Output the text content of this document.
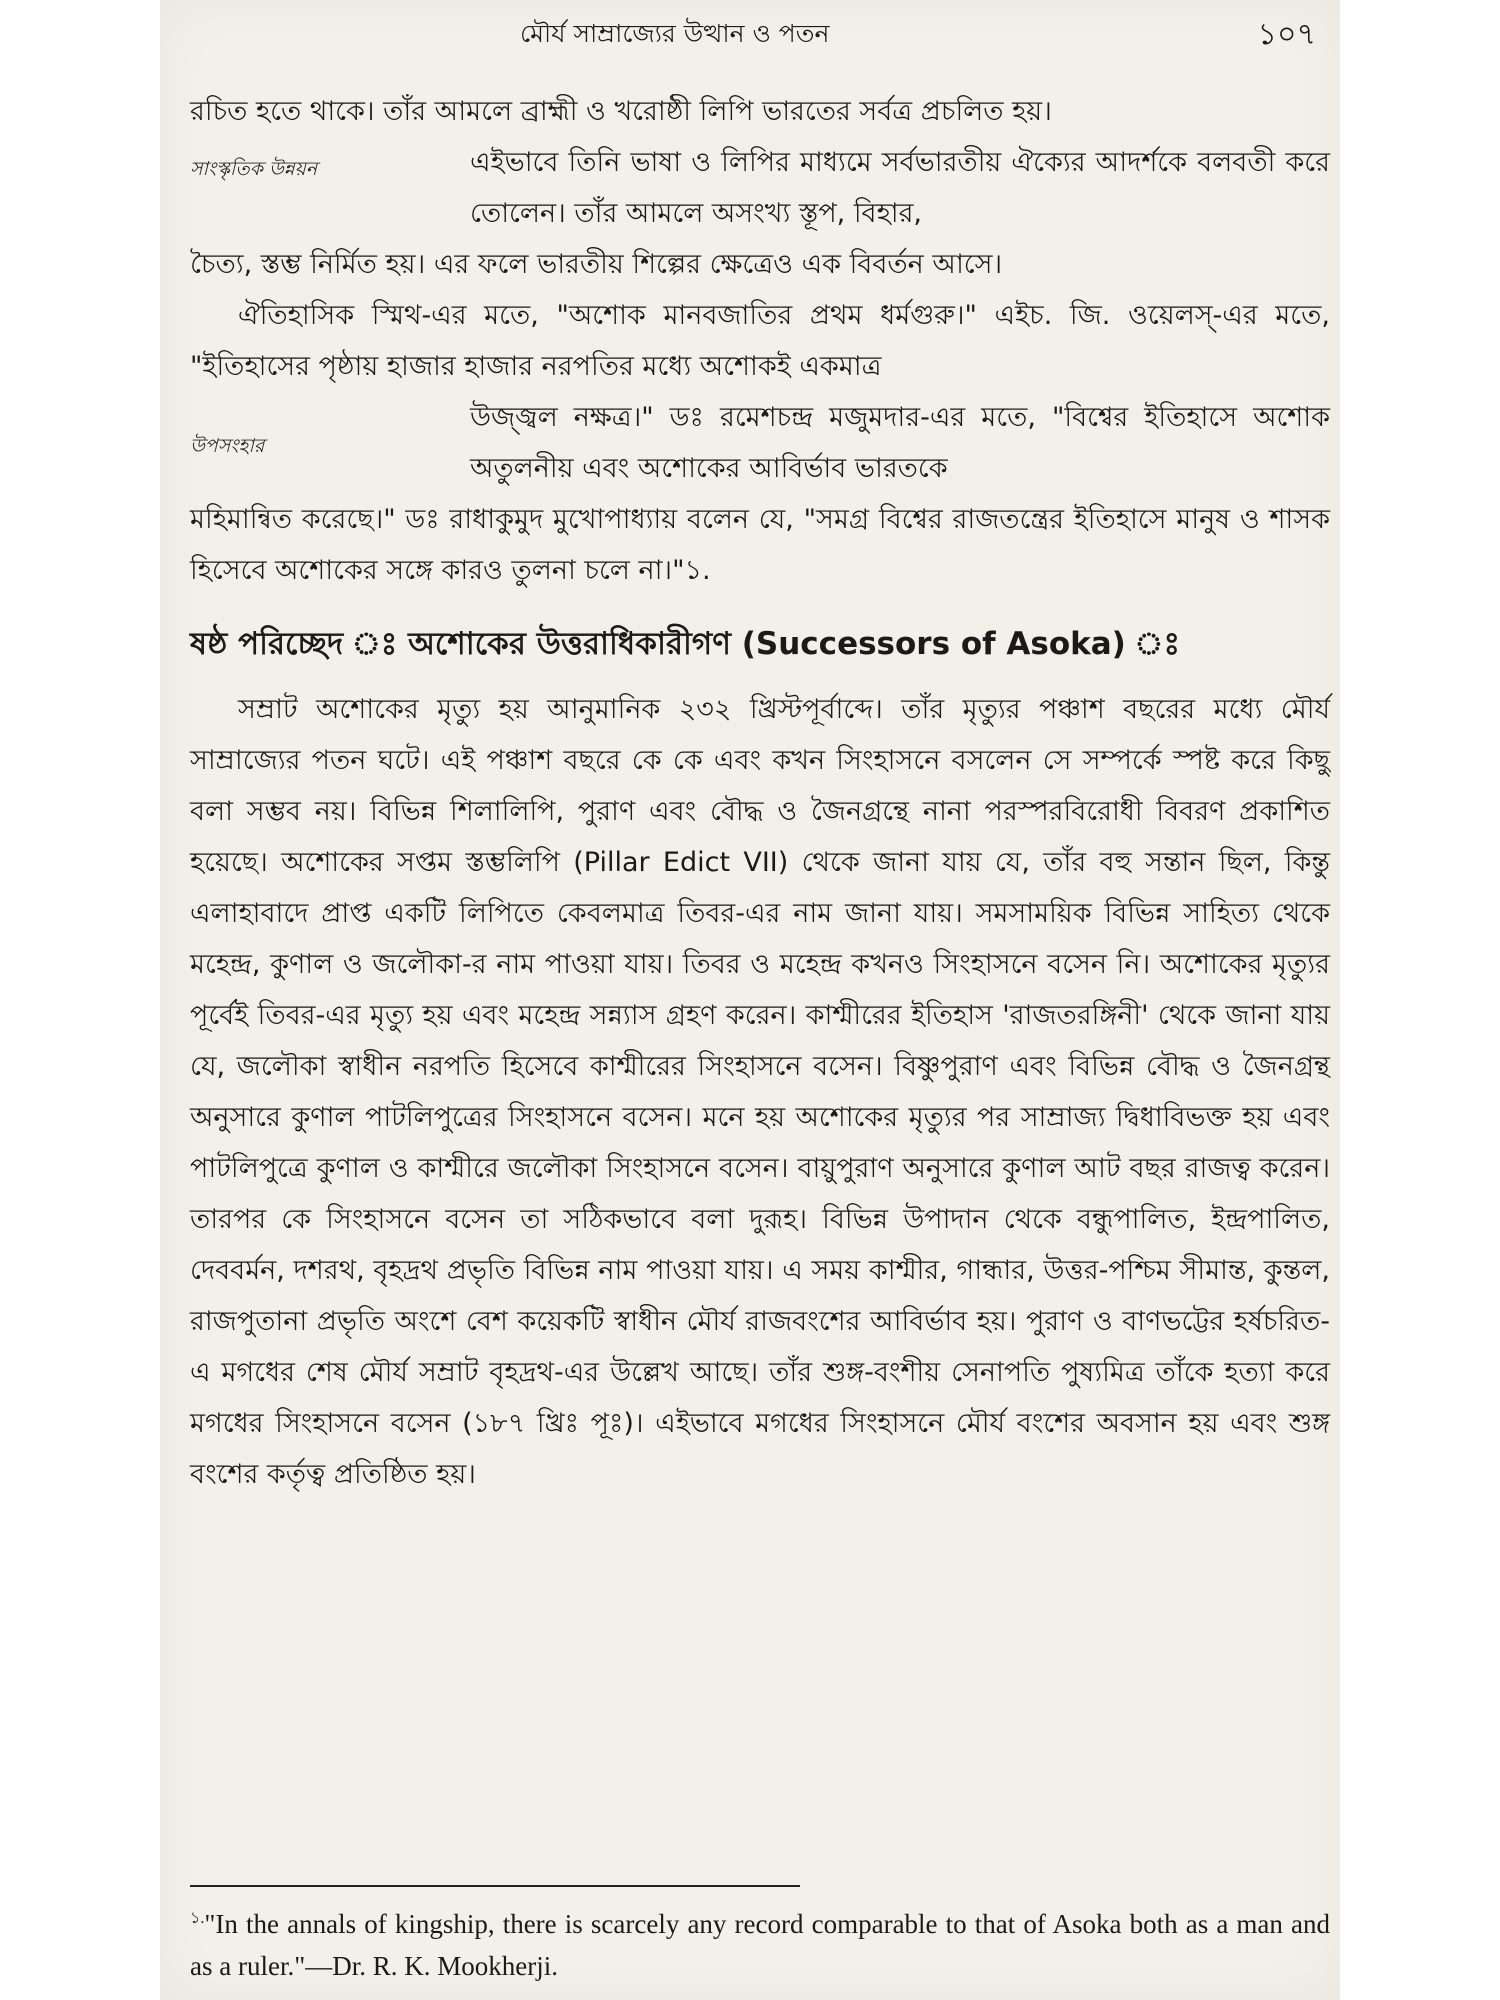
মৌর্য সাম্রাজ্যের উত্থান ও পতন	১০৭

রচিত হতে থাকে। তাঁর আমলে ব্রাহ্মী ও খরোষ্ঠী লিপি ভারতের সর্বত্র প্রচলিত হয়।

সাংস্কৃতিক উন্নয়ন	এইভাবে তিনি ভাষা ও লিপির মাধ্যমে সর্বভারতীয় ঐক্যের আদর্শকে বলবতী করে তোলেন। তাঁর আমলে অসংখ্য স্তূপ, বিহার,

চৈত্য, স্তম্ভ নির্মিত হয়। এর ফলে ভারতীয় শিল্পের ক্ষেত্রেও এক বিবর্তন আসে।

ঐতিহাসিক স্মিথ-এর মতে, "অশোক মানবজাতির প্রথম ধর্মগুরু।" এইচ. জি. ওয়েলস্-এর মতে, "ইতিহাসের পৃষ্ঠায় হাজার হাজার নরপতির মধ্যে অশোকই একমাত্র

উপসংহার

উজ্জ্বল নক্ষত্র।" ডঃ রমেশচন্দ্র মজুমদার-এর মতে, "বিশ্বের ইতিহাসে অশোক অতুলনীয় এবং অশোকের আবির্ভাব ভারতকে

মহিমান্বিত করেছে।" ডঃ রাধাকুমুদ মুখোপাধ্যায় বলেন যে, "সমগ্র বিশ্বের রাজতন্ত্রের ইতিহাসে মানুষ ও শাসক হিসেবে অশোকের সঙ্গে কারও তুলনা চলে না।"১.

ষষ্ঠ পরিচ্ছেদ ঃ অশোকের উত্তরাধিকারীগণ (Successors of Asoka) ঃ

সম্রাট অশোকের মৃত্যু হয় আনুমানিক ২৩২ খ্রিস্টপূর্বাব্দে। তাঁর মৃত্যুর পঞ্চাশ বছরের মধ্যে মৌর্য সাম্রাজ্যের পতন ঘটে। এই পঞ্চাশ বছরে কে কে এবং কখন সিংহাসনে বসলেন সে সম্পর্কে স্পষ্ট করে কিছু বলা সম্ভব নয়। বিভিন্ন শিলালিপি, পুরাণ এবং বৌদ্ধ ও জৈনগ্রন্থে নানা পরস্পরবিরোধী বিবরণ প্রকাশিত হয়েছে। অশোকের সপ্তম স্তম্ভলিপি (Pillar Edict VII) থেকে জানা যায় যে, তাঁর বহু সন্তান ছিল, কিন্তু এলাহাবাদে প্রাপ্ত একটি লিপিতে কেবলমাত্র তিবর-এর নাম জানা যায়। সমসাময়িক বিভিন্ন সাহিত্য থেকে মহেন্দ্র, কুণাল ও জলৌকা-র নাম পাওয়া যায়। তিবর ও মহেন্দ্র কখনও সিংহাসনে বসেন নি। অশোকের মৃত্যুর পূর্বেই তিবর-এর মৃত্যু হয় এবং মহেন্দ্র সন্ন্যাস গ্রহণ করেন। কাশ্মীরের ইতিহাস 'রাজতরঙ্গিনী' থেকে জানা যায় যে, জলৌকা স্বাধীন নরপতি হিসেবে কাশ্মীরের সিংহাসনে বসেন। বিষ্ণুপুরাণ এবং বিভিন্ন বৌদ্ধ ও জৈনগ্রন্থ অনুসারে কুণাল পাটলিপুত্রের সিংহাসনে বসেন। মনে হয় অশোকের মৃত্যুর পর সাম্রাজ্য দ্বিধাবিভক্ত হয় এবং পাটলিপুত্রে কুণাল ও কাশ্মীরে জলৌকা সিংহাসনে বসেন। বায়ুপুরাণ অনুসারে কুণাল আট বছর রাজত্ব করেন। তারপর কে সিংহাসনে বসেন তা সঠিকভাবে বলা দুরূহ। বিভিন্ন উপাদান থেকে বন্ধুপালিত, ইন্দ্রপালিত, দেববর্মন, দশরথ, বৃহদ্রথ প্রভৃতি বিভিন্ন নাম পাওয়া যায়। এ সময় কাশ্মীর, গান্ধার, উত্তর-পশ্চিম সীমান্ত, কুন্তল, রাজপুতানা প্রভৃতি অংশে বেশ কয়েকটি স্বাধীন মৌর্য রাজবংশের আবির্ভাব হয়। পুরাণ ও বাণভট্টের হর্ষচরিত-এ মগধের শেষ মৌর্য সম্রাট বৃহদ্রথ-এর উল্লেখ আছে। তাঁর শুঙ্গ-বংশীয় সেনাপতি পুষ্যমিত্র তাঁকে হত্যা করে মগধের সিংহাসনে বসেন (১৮৭ খ্রিঃ পূঃ)। এইভাবে মগধের সিংহাসনে মৌর্য বংশের অবসান হয় এবং শুঙ্গ বংশের কর্তৃত্ব প্রতিষ্ঠিত হয়।

$^{১.}$"In the annals of kingship, there is scarcely any record comparable to that of Asoka both as a man and as a ruler."—Dr. R. K. Mookherji.
